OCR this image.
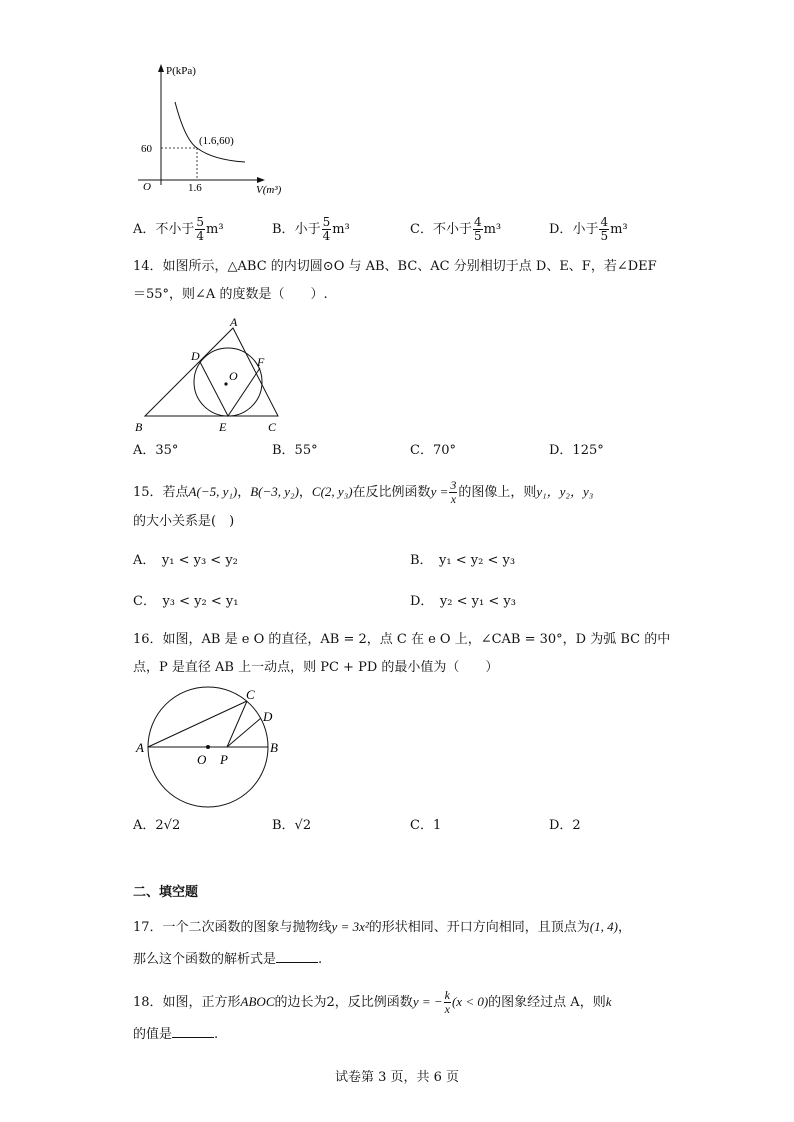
P(kPa)
V(m³)
O
60
1.6
(1.6,60)
A．不小于 $\frac{5}{4} m^3$	B．小于 $\frac{5}{4} m^3$	C．不小于 $\frac{4}{5} m^3$	D．小于 $\frac{4}{5} m^3$
14．如图所示，△ABC 的内切圆⊙O 与 AB、BC、AC 分别相切于点 D、E、F，若∠DEF
＝55°，则∠A 的度数是（　　）.
A
B	C
D
E
F
O
A．35°	B．55°	C．70°	D．125°
15．若点A(−5, y₁)，B(−3, y₂)，C(2, y₃)在反比例函数$y = \frac{3}{x}$ 的图像上，则y₁，y₂，y₃
的大小关系是(　)
A．　y₁ < y₃ < y₂	B．　y₁ < y₂ < y₃
C．　y₃ < y₂ < y₁	D．　y₂ < y₁ < y₃
16．如图，AB 是 e O 的直径，AB = 2，点 C 在 e O 上，∠CAB = 30°，D 为弧 BC 的中
点，P 是直径 AB 上一动点，则 PC + PD 的最小值为（　　）
A	B
C
D
O P
A．2√2	B．√2	C．1	D．2
二、填空题
17．一个二次函数的图象与抛物线y = 3x²的形状相同、开口方向相同，且顶点为(1, 4)，
那么这个函数的解析式是	.
18．如图，正方形ABOC的边长为2，反比例函数y = − $\frac{k}{x} (x < 0)$的图象经过点 A，则k
的值是	.
试卷第 3 页，共 6 页
